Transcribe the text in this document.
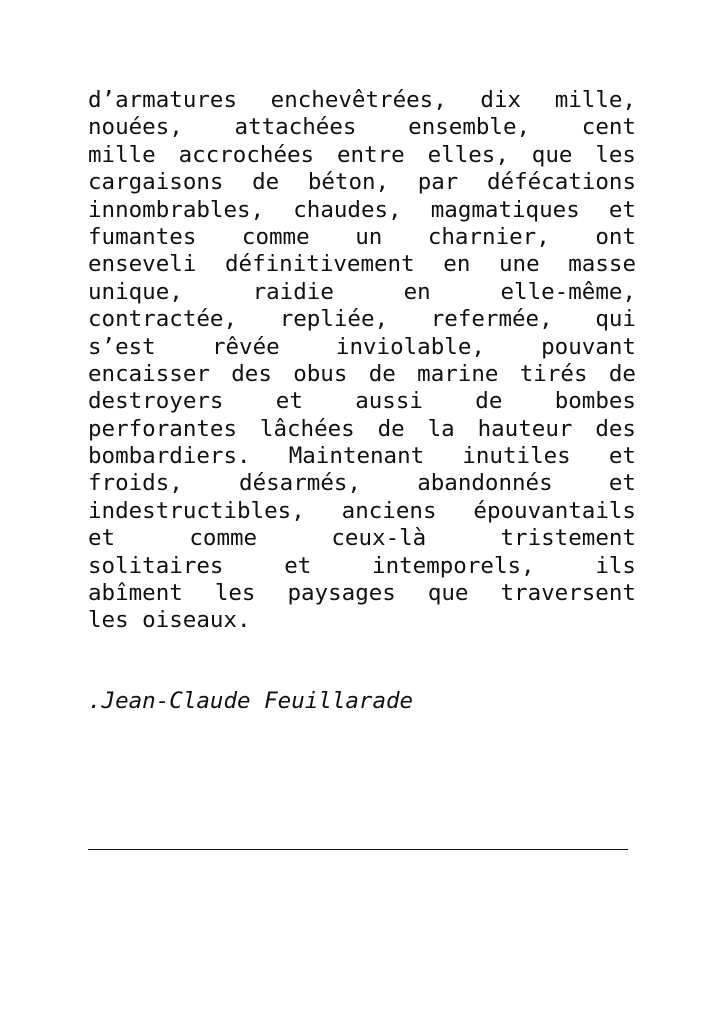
d’armatures enchevêtrées, dix mille,
nouées, attachées ensemble, cent
mille accrochées entre elles, que les
cargaisons de béton, par défécations
innombrables, chaudes, magmatiques et
fumantes comme un charnier, ont
enseveli définitivement en une masse
unique,	raidie	en	elle-même,
contractée, repliée, refermée, qui
s’est rêvée inviolable, pouvant
encaisser des obus de marine tirés de
destroyers et aussi de bombes
perforantes lâchées de la hauteur des
bombardiers. Maintenant inutiles et
froids, désarmés, abandonnés et
indestructibles, anciens épouvantails
et	comme	ceux-là	tristement
solitaires	et	intemporels,	ils
abîment les paysages que traversent
les oiseaux.
.Jean-Claude Feuillarade
